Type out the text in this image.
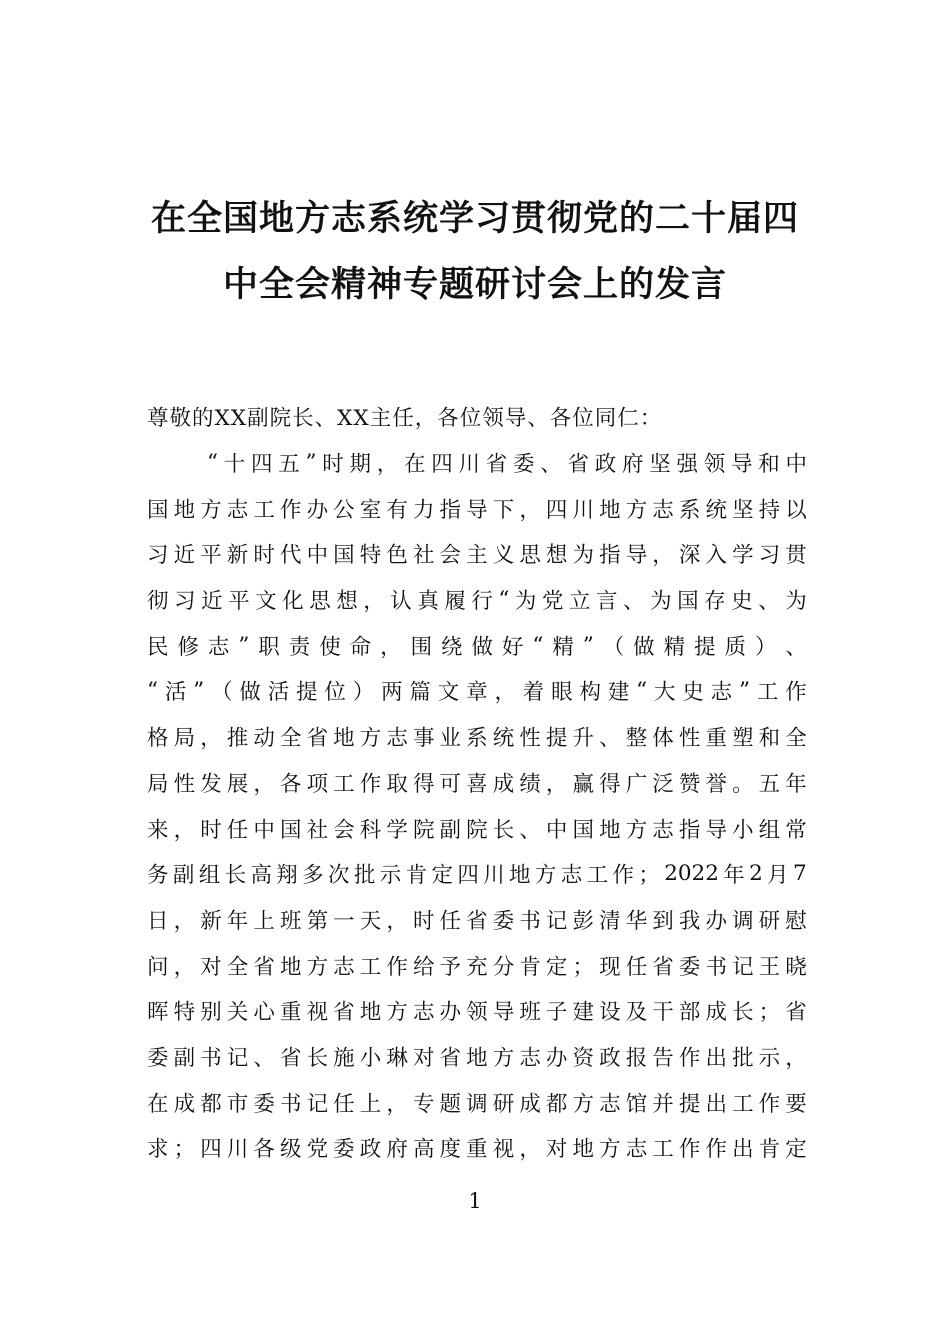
在全国地方志系统学习贯彻党的二十届四
中全会精神专题研讨会上的发言
尊敬的XX副院长、XX主任，各位领导、各位同仁：
“ 十 四 五 ” 时 期 ， 在 四 川 省 委 、 省 政 府 坚 强 领 导 和 中
国 地 方 志 工 作 办 公 室 有 力 指 导 下 ， 四 川 地 方 志 系 统 坚 持 以
习 近 平 新 时 代 中 国 特 色 社 会 主 义 思 想 为 指 导 ， 深 入 学 习 贯
彻 习 近 平 文 化 思 想 ， 认 真 履 行 “ 为 党 立 言 、 为 国 存 史 、 为
民 修 志 ” 职 责 使 命 ， 围 绕 做 好 “ 精 ” （ 做 精 提 质 ） 、
“ 活 ” （ 做 活 提 位 ） 两 篇 文 章 ， 着 眼 构 建 “ 大 史 志 ” 工 作
格 局 ， 推 动 全 省 地 方 志 事 业 系 统 性 提 升 、 整 体 性 重 塑 和 全
局 性 发 展 ， 各 项 工 作 取 得 可 喜 成 绩 ， 赢 得 广 泛 赞 誉 。 五 年
来 ， 时 任 中 国 社 会 科 学 院 副 院 长 、 中 国 地 方 志 指 导 小 组 常
务 副 组 长 高 翔 多 次 批 示 肯 定 四 川 地 方 志 工 作 ； 2022 年 2 月 7
日 ， 新 年 上 班 第 一 天 ， 时 任 省 委 书 记 彭 清 华 到 我 办 调 研 慰
问 ， 对 全 省 地 方 志 工 作 给 予 充 分 肯 定 ； 现 任 省 委 书 记 王 晓
晖 特 别 关 心 重 视 省 地 方 志 办 领 导 班 子 建 设 及 干 部 成 长 ； 省
委 副 书 记 、 省 长 施 小 琳 对 省 地 方 志 办 资 政 报 告 作 出 批 示 ，
在 成 都 市 委 书 记 任 上 ， 专 题 调 研 成 都 方 志 馆 并 提 出 工 作 要
求 ； 四 川 各 级 党 委 政 府 高 度 重 视 ， 对 地 方 志 工 作 作 出 肯 定
1
